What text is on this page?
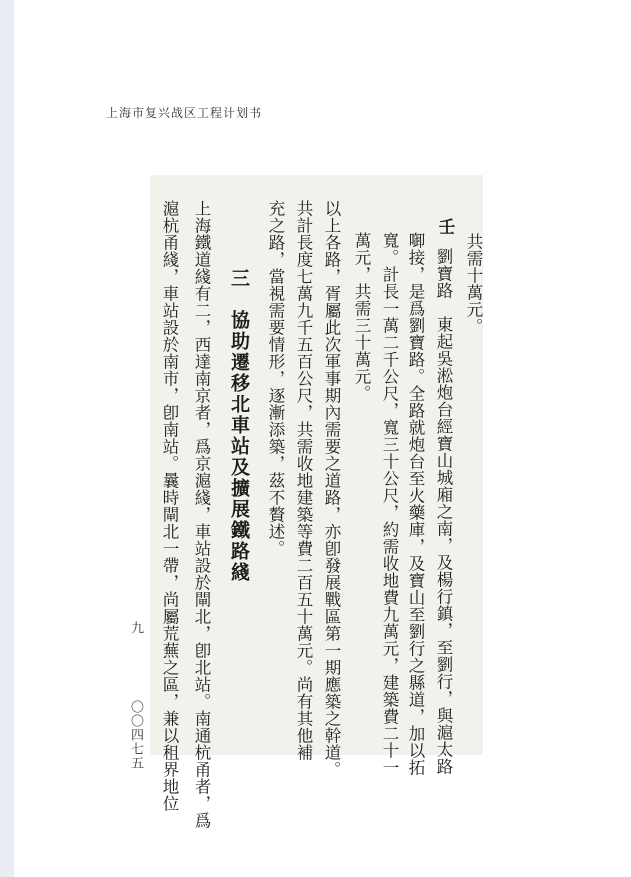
上海市复兴战区工程计划书
共需十萬元。
壬
劉寶路　東起吳淞炮台經寶山城廂之南，及楊行鎮，至劉行，與滬太路
啣接，是爲劉寶路。全路就炮台至火藥庫，及寶山至劉行之縣道，加以拓
寬。計長一萬二千公尺，寬三十公尺，約需收地費九萬元，建築費二十一
萬元，共需三十萬元。
以上各路，胥屬此次軍事期內需要之道路，亦卽發展戰區第一期應築之幹道。
共計長度七萬九千五百公尺，共需收地建築等費二百五十萬元。尚有其他補
充之路，當視需要情形，逐漸添築，茲不贅述。
三　協助遷移北車站及擴展鐵路綫
上海鐵道綫有二，西達南京者，爲京滬綫，車站設於閘北，卽北站。南通杭甬者，爲
滬杭甬綫，車站設於南市，卽南站。曩時閘北一帶，尚屬荒蕪之區，兼以租界地位
九
〇〇四七五
